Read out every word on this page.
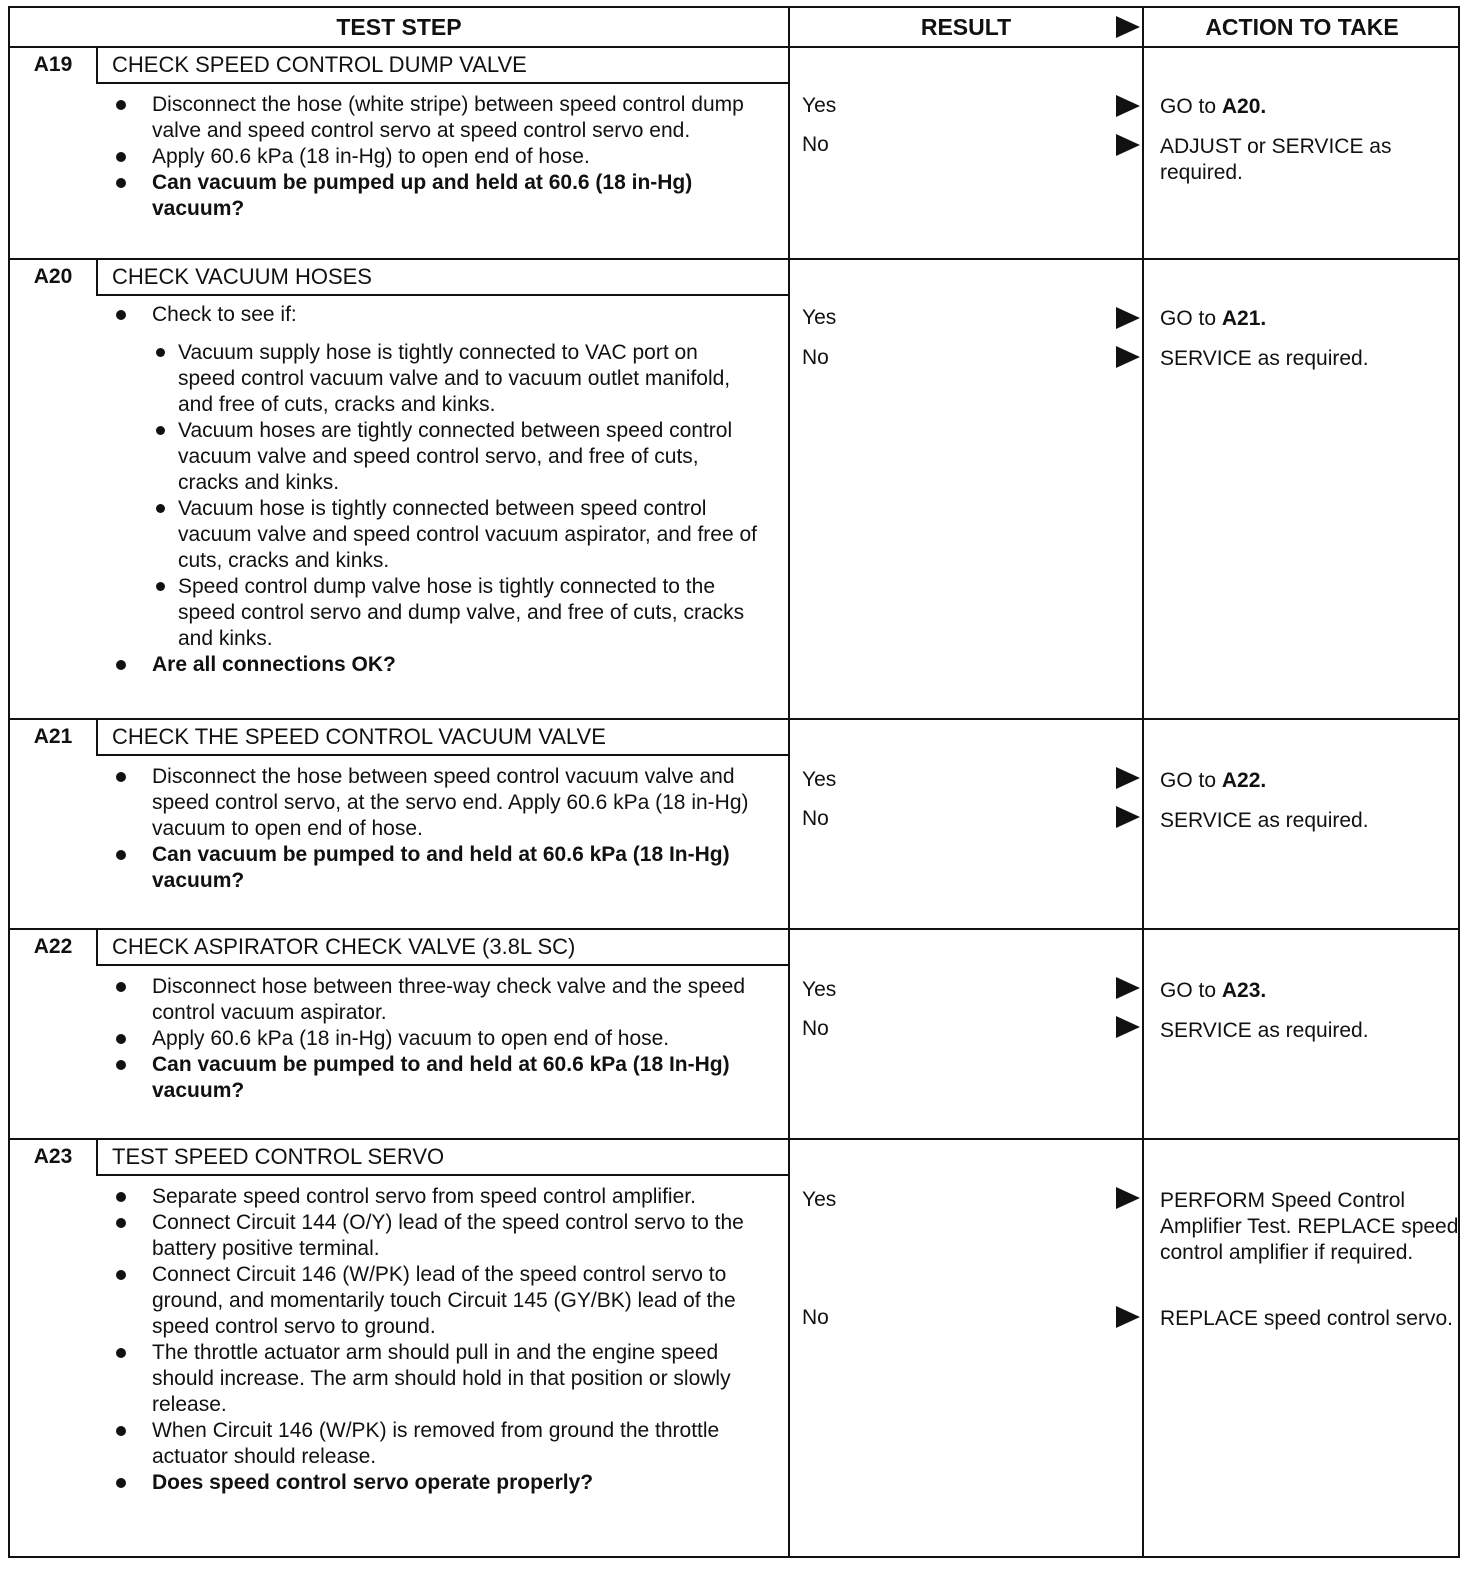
TEST STEP	RESULT	ACTION TO TAKE
A19	CHECK SPEED CONTROL DUMP VALVE
Disconnect the hose (white stripe) between speed control dump valve and speed control servo at speed control servo end.
Apply 60.6 kPa (18 in-Hg) to open end of hose.
Can vacuum be pumped up and held at 60.6 (18 in-Hg) vacuum?
Yes	GO to A20.
No	ADJUST or SERVICE as required.
A20	CHECK VACUUM HOSES
Check to see if:
Vacuum supply hose is tightly connected to VAC port on speed control vacuum valve and to vacuum outlet manifold, and free of cuts, cracks and kinks.
Vacuum hoses are tightly connected between speed control vacuum valve and speed control servo, and free of cuts, cracks and kinks.
Vacuum hose is tightly connected between speed control vacuum valve and speed control vacuum aspirator, and free of cuts, cracks and kinks.
Speed control dump valve hose is tightly connected to the speed control servo and dump valve, and free of cuts, cracks and kinks.
Are all connections OK?
Yes	GO to A21.
No	SERVICE as required.
A21	CHECK THE SPEED CONTROL VACUUM VALVE
Disconnect the hose between speed control vacuum valve and speed control servo, at the servo end. Apply 60.6 kPa (18 in-Hg) vacuum to open end of hose.
Can vacuum be pumped to and held at 60.6 kPa (18 In-Hg) vacuum?
Yes	GO to A22.
No	SERVICE as required.
A22	CHECK ASPIRATOR CHECK VALVE (3.8L SC)
Disconnect hose between three-way check valve and the speed control vacuum aspirator.
Apply 60.6 kPa (18 in-Hg) vacuum to open end of hose.
Can vacuum be pumped to and held at 60.6 kPa (18 In-Hg) vacuum?
Yes	GO to A23.
No	SERVICE as required.
A23	TEST SPEED CONTROL SERVO
Separate speed control servo from speed control amplifier.
Connect Circuit 144 (O/Y) lead of the speed control servo to the battery positive terminal.
Connect Circuit 146 (W/PK) lead of the speed control servo to ground, and momentarily touch Circuit 145 (GY/BK) lead of the speed control servo to ground.
The throttle actuator arm should pull in and the engine speed should increase. The arm should hold in that position or slowly release.
When Circuit 146 (W/PK) is removed from ground the throttle actuator should release.
Does speed control servo operate properly?
Yes	PERFORM Speed Control Amplifier Test. REPLACE speed control amplifier if required.
No	REPLACE speed control servo.
